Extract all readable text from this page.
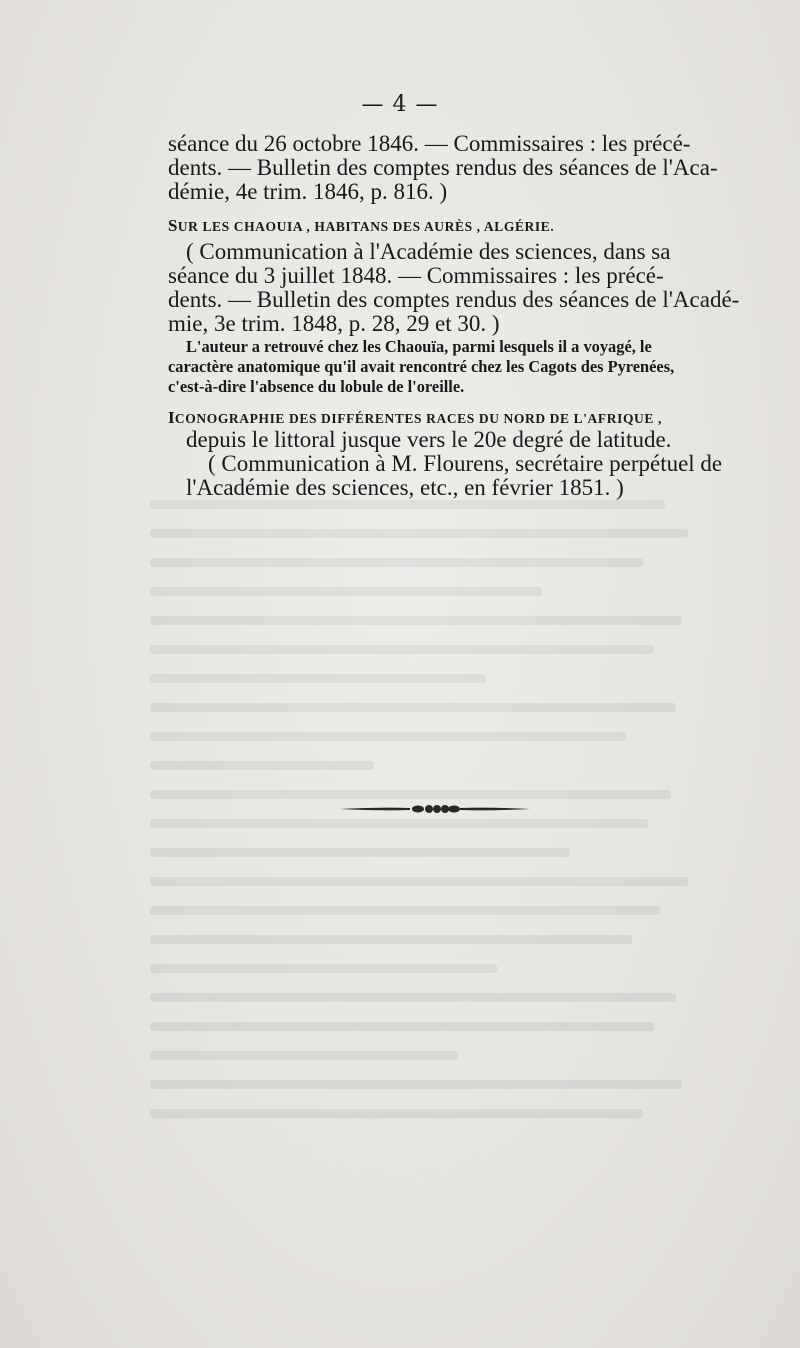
— 4 —
séance du 26 octobre 1846. — Commissaires : les précé-
dents. — Bulletin des comptes rendus des séances de l'Aca-
démie, 4e trim. 1846, p. 816. )
SUR LES CHAOUIA , HABITANS DES AURÈS , ALGÉRIE.
( Communication à l'Académie des sciences, dans sa
séance du 3 juillet 1848. — Commissaires : les précé-
dents. — Bulletin des comptes rendus des séances de l'Acadé-
mie, 3e trim. 1848, p. 28, 29 et 30. )
L'auteur a retrouvé chez les Chaouïa, parmi lesquels il a voyagé, le
caractère anatomique qu'il avait rencontré chez les Cagots des Pyrenées,
c'est-à-dire l'absence du lobule de l'oreille.
ICONOGRAPHIE DES DIFFÉRENTES RACES DU NORD DE L'AFRIQUE ,
depuis le littoral jusque vers le 20e degré de latitude.
( Communication à M. Flourens, secrétaire perpétuel de
l'Académie des sciences, etc., en février 1851. )
